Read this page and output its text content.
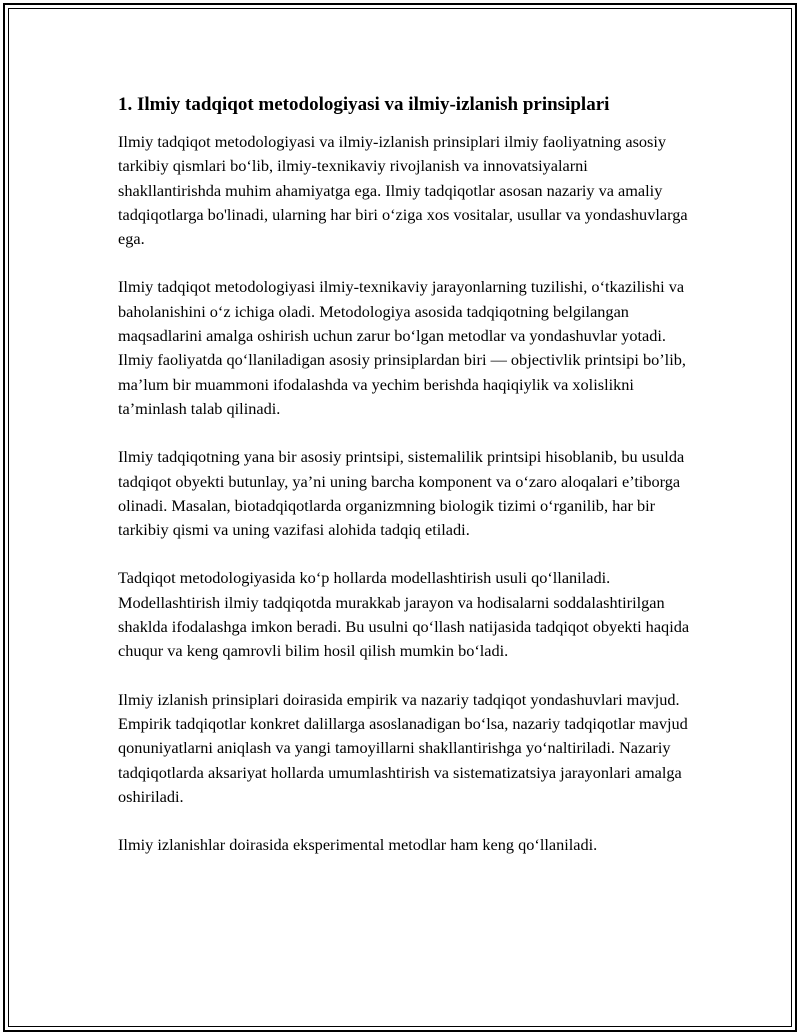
1. Ilmiy tadqiqot metodologiyasi va ilmiy-izlanish prinsiplari

Ilmiy tadqiqot metodologiyasi va ilmiy-izlanish prinsiplari ilmiy faoliyatning asosiy tarkibiy qismlari bo‘lib, ilmiy-texnikaviy rivojlanish va innovatsiyalarni shakllantirishda muhim ahamiyatga ega. Ilmiy tadqiqotlar asosan nazariy va amaliy tadqiqotlarga bo'linadi, ularning har biri o‘ziga xos vositalar, usullar va yondashuvlarga ega.

Ilmiy tadqiqot metodologiyasi ilmiy-texnikaviy jarayonlarning tuzilishi, o‘tkazilishi va baholanishini o‘z ichiga oladi. Metodologiya asosida tadqiqotning belgilangan maqsadlarini amalga oshirish uchun zarur bo‘lgan metodlar va yondashuvlar yotadi. Ilmiy faoliyatda qo‘llaniladigan asosiy prinsiplardan biri — objectivlik printsipi bo’lib, ma’lum bir muammoni ifodalashda va yechim berishda haqiqiylik va xolislikni ta’minlash talab qilinadi.

Ilmiy tadqiqotning yana bir asosiy printsipi, sistemalilik printsipi hisoblanib, bu usulda tadqiqot obyekti butunlay, ya’ni uning barcha komponent va o‘zaro aloqalari e’tiborga olinadi. Masalan, biotadqiqotlarda organizmning biologik tizimi o‘rganilib, har bir tarkibiy qismi va uning vazifasi alohida tadqiq etiladi.

Tadqiqot metodologiyasida ko‘p hollarda modellashtirish usuli qo‘llaniladi. Modellashtirish ilmiy tadqiqotda murakkab jarayon va hodisalarni soddalashtirilgan shaklda ifodalashga imkon beradi. Bu usulni qo‘llash natijasida tadqiqot obyekti haqida chuqur va keng qamrovli bilim hosil qilish mumkin bo‘ladi.

Ilmiy izlanish prinsiplari doirasida empirik va nazariy tadqiqot yondashuvlari mavjud. Empirik tadqiqotlar konkret dalillarga asoslanadigan bo‘lsa, nazariy tadqiqotlar mavjud qonuniyatlarni aniqlash va yangi tamoyillarni shakllantirishga yo‘naltiriladi. Nazariy tadqiqotlarda aksariyat hollarda umumlashtirish va sistematizatsiya jarayonlari amalga oshiriladi.

Ilmiy izlanishlar doirasida eksperimental metodlar ham keng qo‘llaniladi.
